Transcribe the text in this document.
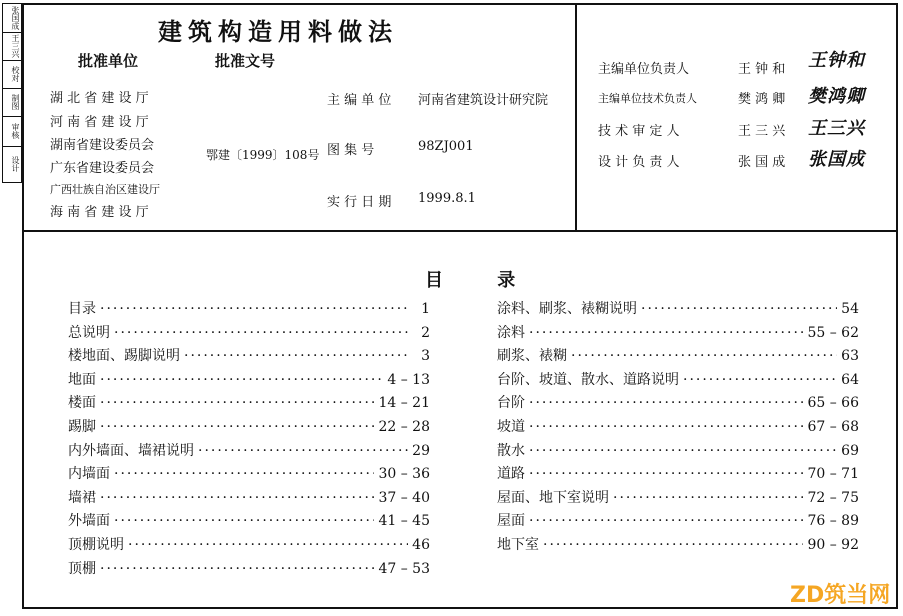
张国成
王三兴
校对
制图
审核
设计
建筑构造用料做法
批准单位	批准文号
湖 北 省 建 设 厅
河 南 省 建 设 厅
湖南省建设委员会
广东省建设委员会
广西壮族自治区建设厅
海 南 省 建 设 厅
鄂建〔1999〕108号
主 编 单 位 河南省建筑设计研究院
图 集 号	98ZJ001
实 行 日 期 1999.8.1
主编单位负责人	王 钟 和 王钟和
主编单位技术负责人	樊 鸿 卿 樊鸿卿
技 术 审 定 人	王 三 兴 王三兴
设 计 负 责 人	张 国 成 张国成
目 录
目录 ·····	1
总说明 ·····	2
楼地面、踢脚说明 ·····	3
地面 ·····	4 – 13
楼面 ·····	14 – 21
踢脚 ·····	22 – 28
内外墙面、墙裙说明 ·····	29
内墙面 ·····	30 – 36
墙裙 ·····	37 – 40
外墙面 ·····	41 – 45
顶棚说明 ·····	46
顶棚 ·····	47 – 53
涂料、刷浆、裱糊说明 ·····	54
涂料 ·····	55 – 62
刷浆、裱糊 ·····	63
台阶、坡道、散水、道路说明 ·····	64
台阶 ·····	65 – 66
坡道 ·····	67 – 68
散水 ·····	69
道路 ·····	70 – 71
屋面、地下室说明 ·····	72 – 75
屋面 ·····	76 – 89
地下室 ·····	90 – 92
ZD筑当网
